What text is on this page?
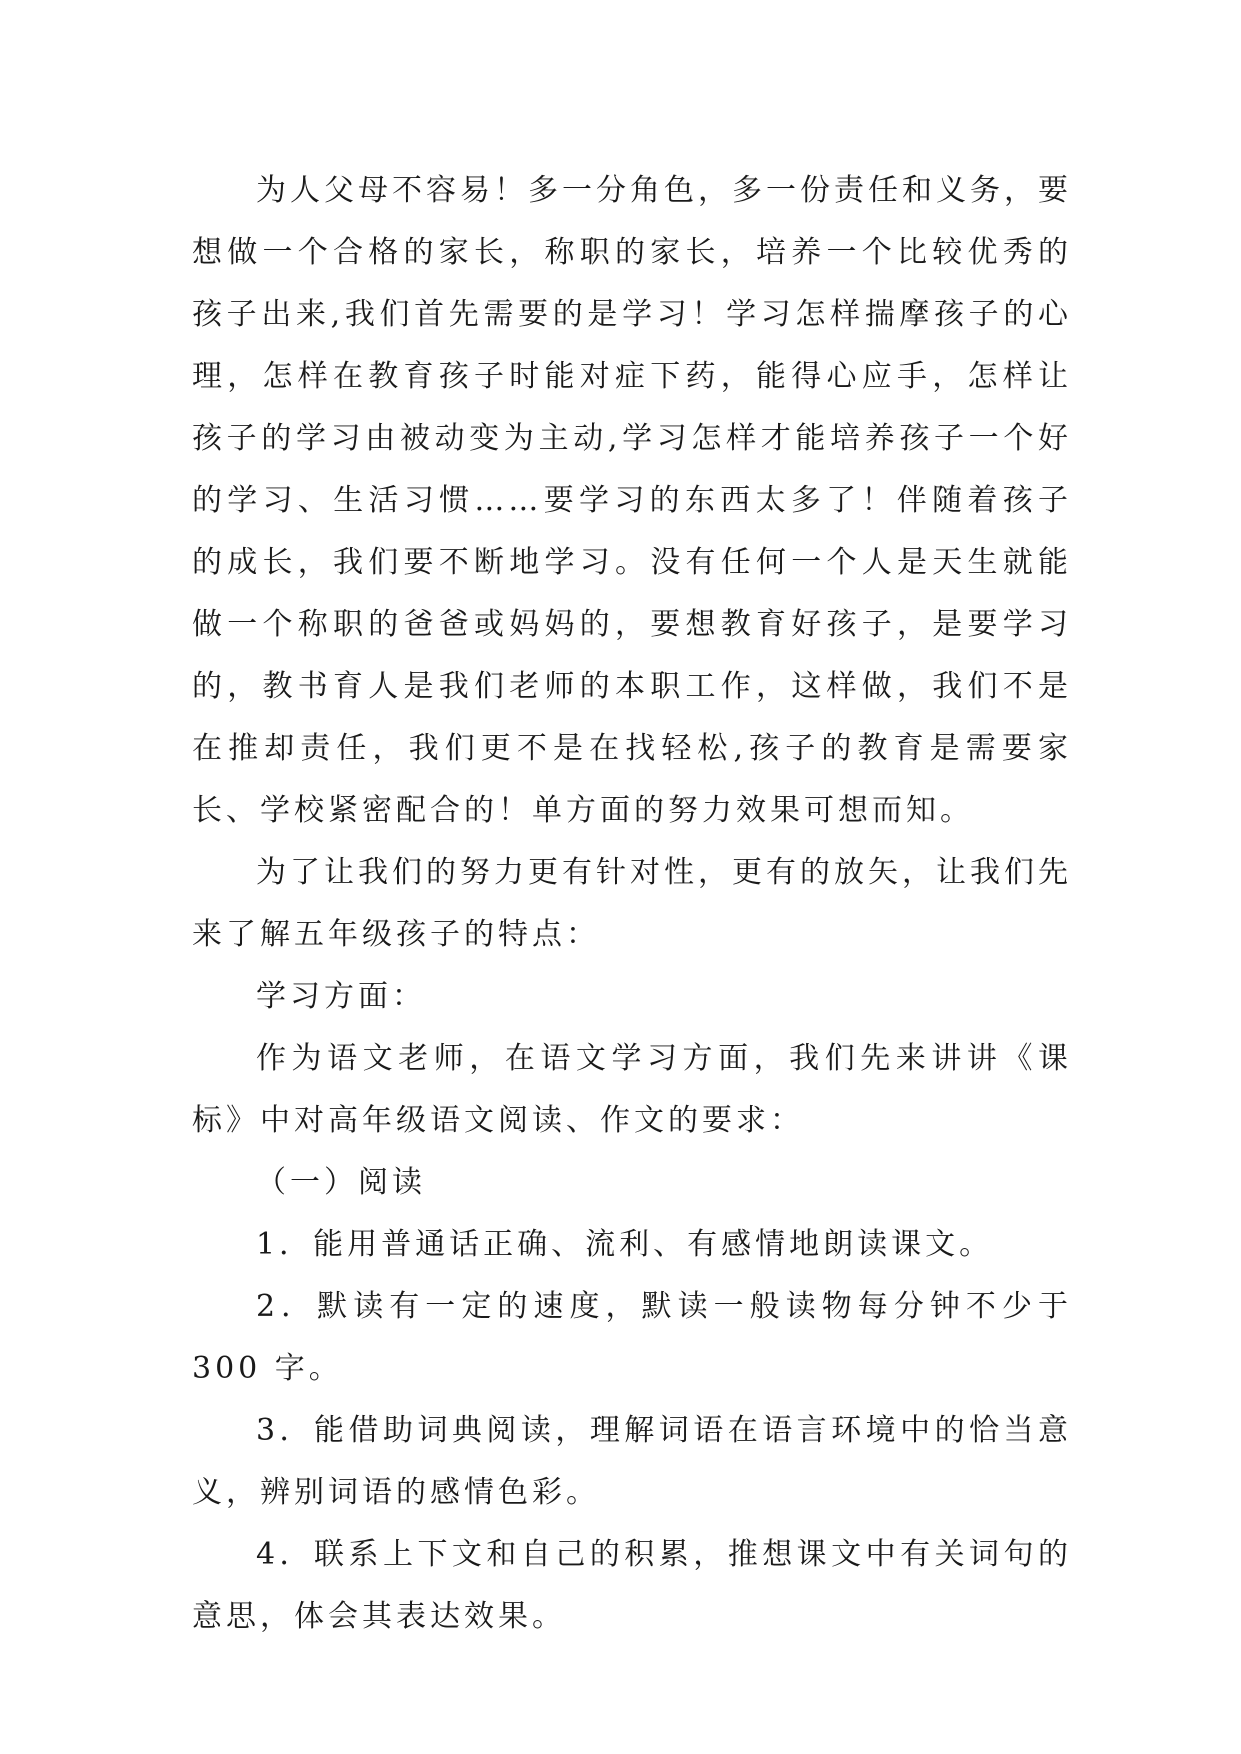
为人父母不容易！多一分角色，多一份责任和义务，要想做一个合格的家长，称职的家长，培养一个比较优秀的孩子出来,我们首先需要的是学习！学习怎样揣摩孩子的心理，怎样在教育孩子时能对症下药，能得心应手，怎样让孩子的学习由被动变为主动,学习怎样才能培养孩子一个好的学习、生活习惯……要学习的东西太多了！伴随着孩子的成长，我们要不断地学习。没有任何一个人是天生就能做一个称职的爸爸或妈妈的，要想教育好孩子，是要学习的，教书育人是我们老师的本职工作，这样做，我们不是在推却责任，我们更不是在找轻松,孩子的教育是需要家长、学校紧密配合的！单方面的努力效果可想而知。

为了让我们的努力更有针对性，更有的放矢，让我们先来了解五年级孩子的特点：

学习方面：

作为语文老师，在语文学习方面，我们先来讲讲《课标》中对高年级语文阅读、作文的要求：

（一）阅读

1．能用普通话正确、流利、有感情地朗读课文。

2．默读有一定的速度，默读一般读物每分钟不少于 300 字。

3．能借助词典阅读，理解词语在语言环境中的恰当意义，辨别词语的感情色彩。

4．联系上下文和自己的积累，推想课文中有关词句的意思，体会其表达效果。
